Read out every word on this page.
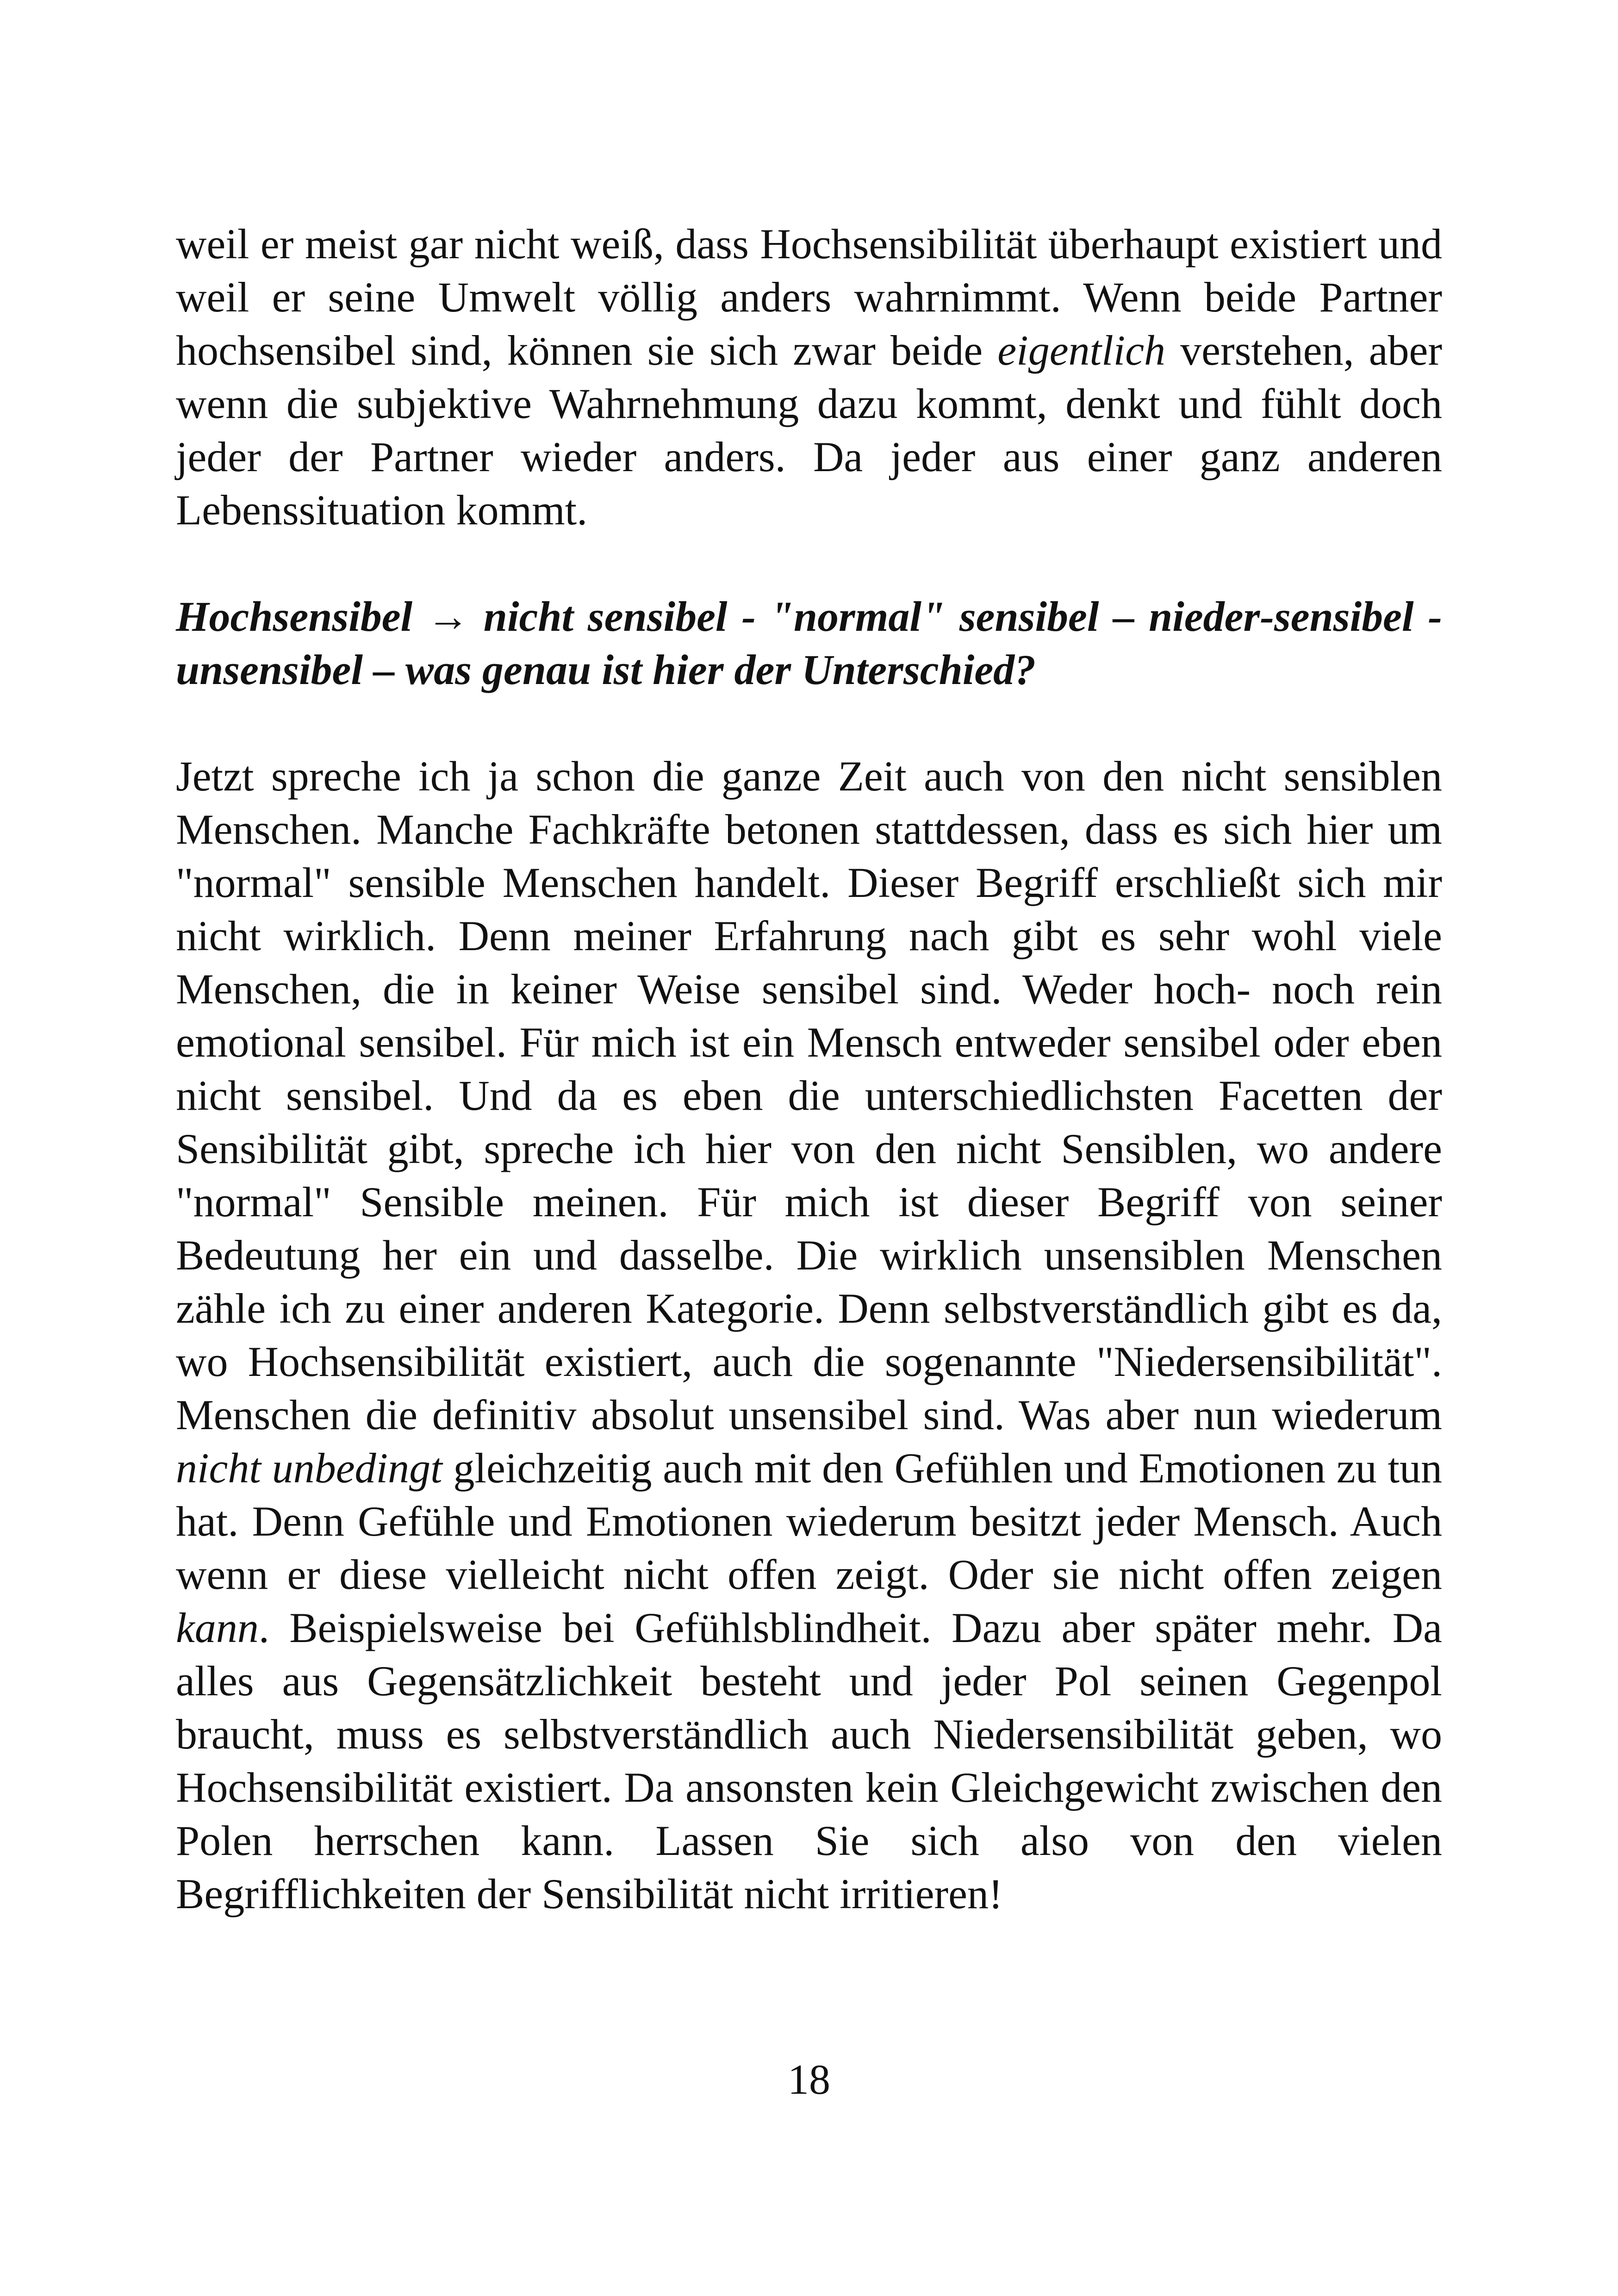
weil er meist gar nicht weiß, dass Hochsensibilität überhaupt existiert und weil er seine Umwelt völlig anders wahrnimmt. Wenn beide Partner hochsensibel sind, können sie sich zwar beide eigentlich verstehen, aber wenn die subjektive Wahrnehmung dazu kommt, denkt und fühlt doch jeder der Partner wieder anders. Da jeder aus einer ganz anderen Lebenssituation kommt.

Hochsensibel → nicht sensibel - "normal" sensibel – nieder-sensibel - unsensibel – was genau ist hier der Unterschied?

Jetzt spreche ich ja schon die ganze Zeit auch von den nicht sensiblen Menschen. Manche Fachkräfte betonen stattdessen, dass es sich hier um "normal" sensible Menschen handelt. Dieser Begriff erschließt sich mir nicht wirklich. Denn meiner Erfahrung nach gibt es sehr wohl viele Menschen, die in keiner Weise sensibel sind. Weder hoch- noch rein emotional sensibel. Für mich ist ein Mensch entweder sensibel oder eben nicht sensibel. Und da es eben die unterschiedlichsten Facetten der Sensibilität gibt, spreche ich hier von den nicht Sensiblen, wo andere "normal" Sensible meinen. Für mich ist dieser Begriff von seiner Bedeutung her ein und dasselbe. Die wirklich unsensiblen Menschen zähle ich zu einer anderen Kategorie. Denn selbstverständlich gibt es da, wo Hochsensibilität existiert, auch die sogenannte "Niedersensibilität". Menschen die definitiv absolut unsensibel sind. Was aber nun wiederum nicht unbedingt gleichzeitig auch mit den Gefühlen und Emotionen zu tun hat. Denn Gefühle und Emotionen wiederum besitzt jeder Mensch. Auch wenn er diese vielleicht nicht offen zeigt. Oder sie nicht offen zeigen kann. Beispielsweise bei Gefühlsblindheit. Dazu aber später mehr. Da alles aus Gegensätzlichkeit besteht und jeder Pol seinen Gegenpol braucht, muss es selbstverständlich auch Niedersensibilität geben, wo Hochsensibilität existiert. Da ansonsten kein Gleichgewicht zwischen den Polen herrschen kann. Lassen Sie sich also von den vielen Begrifflichkeiten der Sensibilität nicht irritieren!

18
